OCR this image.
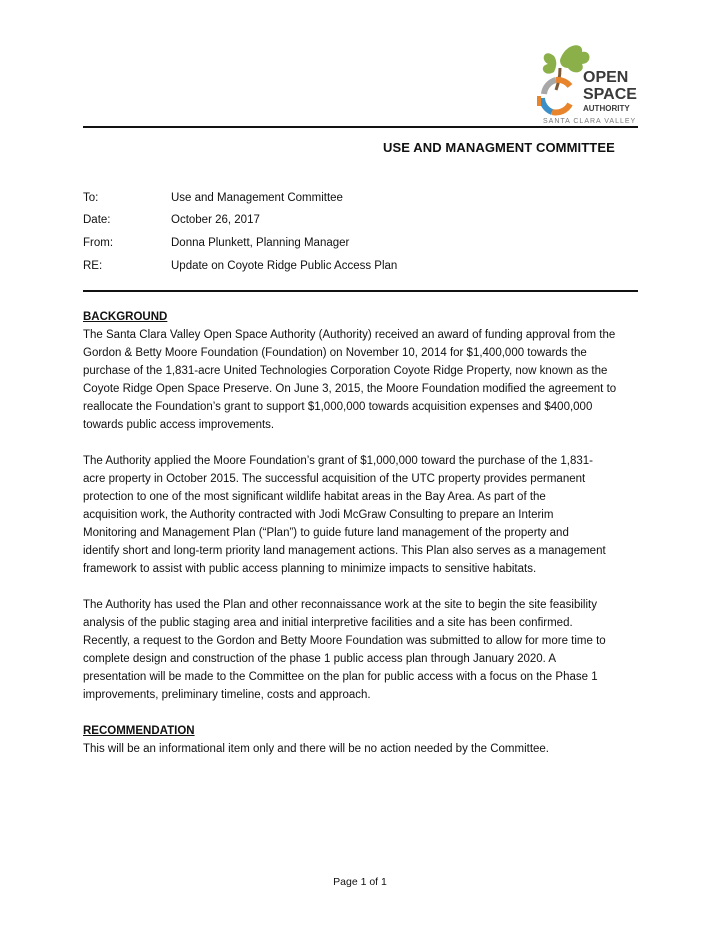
OPEN
SPACE
AUTHORITY
SANTA CLARA VALLEY
USE AND MANAGMENT COMMITTEE
To:	Use and Management Committee
Date:	October 26, 2017
From:	Donna Plunkett, Planning Manager
RE:	Update on Coyote Ridge Public Access Plan
BACKGROUND
The Santa Clara Valley Open Space Authority (Authority) received an award of funding approval from the
Gordon & Betty Moore Foundation (Foundation) on November 10, 2014 for $1,400,000 towards the
purchase of the 1,831-acre United Technologies Corporation Coyote Ridge Property, now known as the
Coyote Ridge Open Space Preserve. On June 3, 2015, the Moore Foundation modified the agreement to
reallocate the Foundation’s grant to support $1,000,000 towards acquisition expenses and $400,000
towards public access improvements.
The Authority applied the Moore Foundation’s grant of $1,000,000 toward the purchase of the 1,831-
acre property in October 2015. The successful acquisition of the UTC property provides permanent
protection to one of the most significant wildlife habitat areas in the Bay Area. As part of the
acquisition work, the Authority contracted with Jodi McGraw Consulting to prepare an Interim
Monitoring and Management Plan (“Plan”) to guide future land management of the property and
identify short and long-term priority land management actions. This Plan also serves as a management
framework to assist with public access planning to minimize impacts to sensitive habitats.
The Authority has used the Plan and other reconnaissance work at the site to begin the site feasibility
analysis of the public staging area and initial interpretive facilities and a site has been confirmed.
Recently, a request to the Gordon and Betty Moore Foundation was submitted to allow for more time to
complete design and construction of the phase 1 public access plan through January 2020. A
presentation will be made to the Committee on the plan for public access with a focus on the Phase 1
improvements, preliminary timeline, costs and approach.
RECOMMENDATION
This will be an informational item only and there will be no action needed by the Committee.
Page 1 of 1
